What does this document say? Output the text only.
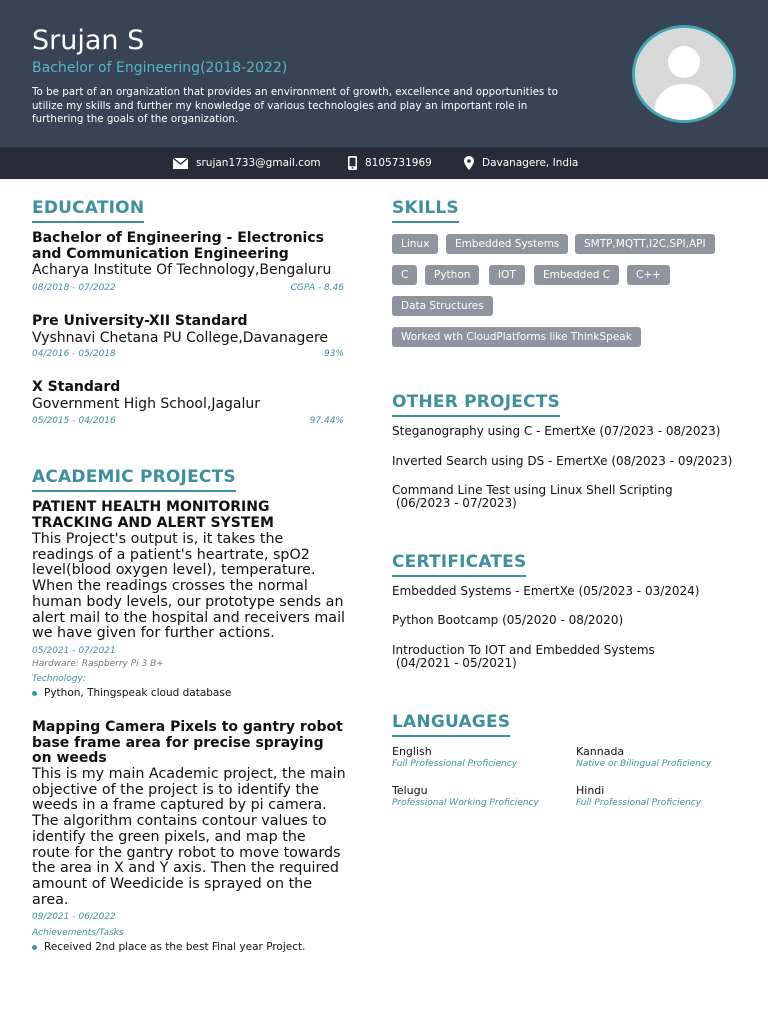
Srujan S
Bachelor of Engineering(2018-2022)
To be part of an organization that provides an environment of growth, excellence and opportunities to utilize my skills and further my knowledge of various technologies and play an important role in furthering the goals of the organization.
srujan1733@gmail.com	8105731969	Davanagere, India
EDUCATION
Bachelor of Engineering - Electronics and Communication Engineering
Acharya Institute Of Technology,Bengaluru
08/2018 - 07/2022	CGPA - 8.46
Pre University-XII Standard
Vyshnavi Chetana PU College,Davanagere
04/2016 - 05/2018	93%
X Standard
Government High School,Jagalur
05/2015 - 04/2016	97.44%
ACADEMIC PROJECTS
PATIENT HEALTH MONITORING TRACKING AND ALERT SYSTEM
This Project's output is, it takes the readings of a patient's heartrate, spO2 level(blood oxygen level), temperature. When the readings crosses the normal human body levels, our prototype sends an alert mail to the hospital and receivers mail we have given for further actions.
05/2021 - 07/2021
Hardware: Raspberry Pi 3 B+
Technology:
Python, Thingspeak cloud database
Mapping Camera Pixels to gantry robot base frame area for precise spraying on weeds
This is my main Academic project, the main objective of the project is to identify the weeds in a frame captured by pi camera. The algorithm contains contour values to identify the green pixels, and map the route for the gantry robot to move towards the area in X and Y axis. Then the required amount of Weedicide is sprayed on the area.
09/2021 - 06/2022
Achievements/Tasks
Received 2nd place as the best Final year Project.
SKILLS
Linux	Embedded Systems	SMTP,MQTT,I2C,SPI,API
C	Python	IOT	Embedded C	C++
Data Structures
Worked wth CloudPlatforms like ThinkSpeak
OTHER PROJECTS
Steganography using C - EmertXe (07/2023 - 08/2023)
Inverted Search using DS - EmertXe (08/2023 - 09/2023)
Command Line Test using Linux Shell Scripting
(06/2023 - 07/2023)
CERTIFICATES
Embedded Systems - EmertXe (05/2023 - 03/2024)
Python Bootcamp (05/2020 - 08/2020)
Introduction To IOT and Embedded Systems
(04/2021 - 05/2021)
LANGUAGES
English
Full Professional Proficiency
Kannada
Native or Bilingual Proficiency
Telugu
Professional Working Proficiency
Hindi
Full Professional Proficiency
